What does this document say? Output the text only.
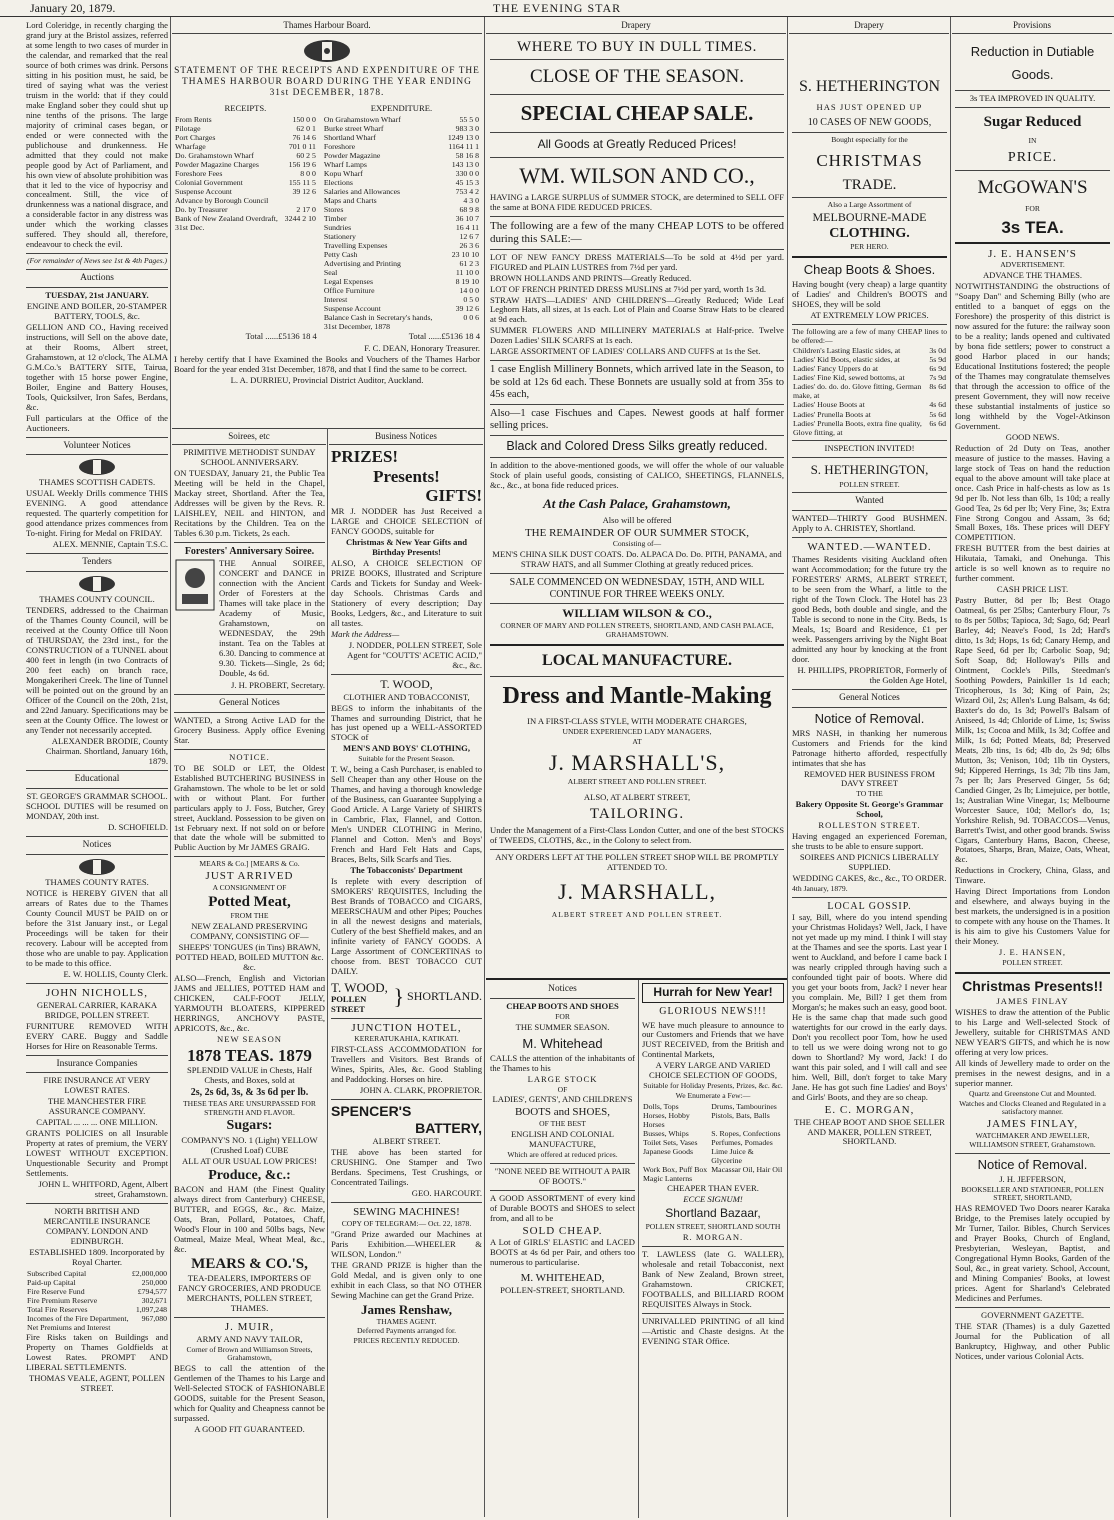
January 20, 1879.	THE EVENING STAR
Thames Harbour Board.	Drapery	Drapery	Provisions
Lord Coleridge, in recently charging the grand jury at the Bristol assizes, referred at some length to two cases of murder in the calendar, and remarked that the real source of both crimes was drink. Persons sitting in his position must, he said, be tired of saying what was the veriest truism in the world: that if they could make England sober they could shut up nine tenths of the prisons. The large majority of criminal cases began, or ended or were connected with the publichouse and drunkenness. He admitted that they could not make people good by Act of Parliament, and his own view of absolute prohibition was that it led to the vice of hypocrisy and concealment. Still, the vice of drunkenness was a national disgrace, and a considerable factor in any distress was under which the working classes suffered. They should all, therefore, endeavour to check the evil.
(For remainder of News see 1st & 4th Pages.)
Auctions
TUESDAY, 21st JANUARY.
ENGINE AND BOILER, 20-STAMPER BATTERY, TOOLS, &c.
GELLION AND CO., Having received instructions, will Sell on the above date, at their Rooms, Albert street, Grahamstown, at 12 o'clock, The ALMA G.M.Co.'s BATTERY SITE, Tairua, together with 15 horse power Engine, Boiler, Engine and Battery Houses, Tools, Quicksilver, Iron Safes, Berdans, &c.
Full particulars at the Office of the Auctioneers.
Volunteer Notices
THAMES SCOTTISH CADETS.
USUAL Weekly Drills commence THIS EVENING. A good attendance requested. The quarterly competition for good attendance prizes commences from To-night. Firing for Medal on FRIDAY.
ALEX. MENNIE, Captain T.S.C.
Tenders
THAMES COUNTY COUNCIL.
TENDERS, addressed to the Chairman of the Thames County Council, will be received at the County Office till Noon of THURSDAY, the 23rd inst., for the CONSTRUCTION of a TUNNEL about 400 feet in length (in two Contracts of 200 feet each) on branch race, Mongakeriheri Creek. The line of Tunnel will be pointed out on the ground by an Officer of the Council on the 20th, 21st, and 22nd January. Specifications may be seen at the County Office. The lowest or any Tender not necessarily accepted.
ALEXANDER BRODIE, County Chairman. Shortland, January 16th, 1879.
Educational
ST. GEORGE'S GRAMMAR SCHOOL.
SCHOOL DUTIES will be resumed on MONDAY, 20th inst.
D. SCHOFIELD.
Notices
THAMES COUNTY RATES.
NOTICE is HEREBY GIVEN that all arrears of Rates due to the Thames County Council MUST be PAID on or before the 31st January inst., or Legal Proceedings will be taken for their recovery. Labour will be accepted from those who are unable to pay. Application to be made to this office.
E. W. HOLLIS, County Clerk.
JOHN NICHOLLS,
GENERAL CARRIER, KARAKA BRIDGE, POLLEN STREET.
FURNITURE REMOVED WITH EVERY CARE. Buggy and Saddle Horses for Hire on Reasonable Terms.
Insurance Companies
FIRE INSURANCE AT VERY LOWEST RATES.
THE MANCHESTER FIRE ASSURANCE COMPANY.
CAPITAL ... ... ... ONE MILLION.
GRANTS POLICIES on all Insurable Property at rates of premium, the VERY LOWEST WITHOUT EXCEPTION. Unquestionable Security and Prompt Settlements.
JOHN L. WHITFORD, Agent, Albert street, Grahamstown.
NORTH BRITISH AND MERCANTILE INSURANCE COMPANY. LONDON AND EDINBURGH.
ESTABLISHED 1809. Incorporated by Royal Charter.
Subscribed Capital	£2,000,000
Paid-up Capital	250,000
Fire Reserve Fund	£794,577
Fire Premium Reserve	302,671
Total Fire Reserves	1,097,248
Incomes of the Fire Department, Net Premiums and Interest	967,080
Fire Risks taken on Buildings and Property on Thames Goldfields at Lowest Rates. PROMPT AND LIBERAL SETTLEMENTS.
THOMAS VEALE, AGENT, POLLEN STREET.
STATEMENT OF THE RECEIPTS AND EXPENDITURE OF THE THAMES HARBOUR BOARD DURING THE YEAR ENDING 31st DECEMBER, 1878.
RECEIPTS.
From Rents	150 0 0
Pilotage	62 0 1
Port Charges	76 14 6
Wharfage	701 0 11
Do. Grahamstown Wharf	60 2 5
Powder Magazine Charges	156 19 6
Foreshore Fees	8 0 0
Colonial Government	155 11 5
Suspense Account	39 12 6
Advance by Borough Council	
Do. by Treasurer	2 17 0
Bank of New Zealand Overdraft, 31st Dec.	3244 2 10
EXPENDITURE.
On Grahamstown Wharf	55 5 0
Burke street Wharf	983 3 0
Shortland Wharf	1249 13 0
Foreshore	1164 11 1
Powder Magazine	58 16 8
Wharf Lamps	143 13 0
Kopu Wharf	330 0 0
Elections	45 15 3
Salaries and Allowances	753 4 2
Maps and Charts	4 3 0
Stores	68 9 8
Timber	36 10 7
Sundries	16 4 11
Stationery	12 6 7
Travelling Expenses	26 3 6
Petty Cash	23 10 10
Advertising and Printing	61 2 3
Seal	11 10 0
Legal Expenses	8 19 10
Office Furniture	14 0 0
Interest	0 5 0
Suspense Account	39 12 6
Balance Cash in Secretary's hands, 31st December, 1878	0 0 6
Total ......£5136 18 4	Total ......£5136 18 4
F. C. DEAN, Honorary Treasurer.
I hereby certify that I have Examined the Books and Vouchers of the Thames Harbor Board for the year ended 31st December, 1878, and that I find the same to be correct.
L. A. DURRIEU, Provincial District Auditor, Auckland.
Soirees, etc	Business Notices
PRIMITIVE METHODIST SUNDAY SCHOOL ANNIVERSARY.
ON TUESDAY, January 21, the Public Tea Meeting will be held in the Chapel, Mackay street, Shortland. After the Tea, Addresses will be given by the Revs. R. LAISHLEY, NEIL and HINTON, and Recitations by the Children. Tea on the Tables 6.30 p.m. Tickets, 2s each.
Foresters' Anniversary Soiree.
THE Annual SOIREE, CONCERT and DANCE in connection with the Ancient Order of Foresters at the Thames will take place in the Academy of Music, Grahamstown, on WEDNESDAY, the 29th instant. Tea on the Tables at 6.30. Dancing to commence at 9.30. Tickets—Single, 2s 6d; Double, 4s 6d.
J. H. PROBERT, Secretary.
General Notices
WANTED, a Strong Active LAD for the Grocery Business. Apply office Evening Star.
NOTICE.
TO BE SOLD or LET, the Oldest Established BUTCHERING BUSINESS in Grahamstown. The whole to be let or sold with or without Plant. For further particulars apply to J. Foss, Butcher, Grey street, Auckland. Possession to be given on 1st February next. If not sold on or before that date the whole will be submitted to Public Auction by Mr JAMES GRAIG.
MEARS & Co.] [MEARS & Co.
JUST ARRIVED
A CONSIGNMENT OF
Potted Meat,
FROM THE
NEW ZEALAND PRESERVING COMPANY, CONSISTING OF—
SHEEPS' TONGUES (in Tins) BRAWN, POTTED HEAD, BOILED MUTTON &c. &c.
ALSO—French, English and Victorian JAMS and JELLIES, POTTED HAM and CHICKEN, CALF-FOOT JELLY, YARMOUTH BLOATERS, KIPPERED HERRINGS, ANCHOVY PASTE, APRICOTS, &c., &c.
NEW SEASON
1878 TEAS. 1879
SPLENDID VALUE in Chests, Half Chests, and Boxes, sold at
2s, 2s 6d, 3s, & 3s 6d per lb.
THESE TEAS ARE UNSURPASSED FOR STRENGTH AND FLAVOR.
Sugars:
COMPANY'S NO. 1 (Light) YELLOW (Crushed Loaf) CUBE
ALL AT OUR USUAL LOW PRICES!
Produce, &c.:
BACON and HAM (the Finest Quality always direct from Canterbury) CHEESE, BUTTER, and EGGS, &c., &c. Maize, Oats, Bran, Pollard, Potatoes, Chaff, Wood's Flour in 100 and 50lbs bags, New Oatmeal, Maize Meal, Wheat Meal, &c., &c.
MEARS & CO.'S,
TEA-DEALERS, IMPORTERS OF FANCY GROCERIES, AND PRODUCE MERCHANTS, POLLEN STREET, THAMES.
J. MUIR,
ARMY AND NAVY TAILOR,
Corner of Brown and Williamson Streets, Grahamstown,
BEGS to call the attention of the Gentlemen of the Thames to his Large and Well-Selected STOCK of FASHIONABLE GOODS, suitable for the Present Season, which for Quality and Cheapness cannot be surpassed.
A GOOD FIT GUARANTEED.
PRIZES!
Presents!
GIFTS!
MR J. NODDER has Just Received a LARGE and CHOICE SELECTION of FANCY GOODS, suitable for
Christmas & New Year Gifts and Birthday Presents!
ALSO, A CHOICE SELECTION OF PRIZE BOOKS, Illustrated and Scripture Cards and Tickets for Sunday and Week-day Schools. Christmas Cards and Stationery of every description; Day Books, Ledgers, &c., and Literature to suit all tastes.
Mark the Address—
J. NODDER, POLLEN STREET, Sole Agent for "COUTTS' ACETIC ACID," &c., &c.
T. WOOD,
CLOTHIER AND TOBACCONIST,
BEGS to inform the inhabitants of the Thames and surrounding District, that he has just opened up a WELL-ASSORTED STOCK of
MEN'S AND BOYS' CLOTHING,
Suitable for the Present Season.
T. W., being a Cash Purchaser, is enabled to Sell Cheaper than any other House on the Thames, and having a thorough knowledge of the Business, can Guarantee Supplying a Good Article. A Large Variety of SHIRTS in Cambric, Flax, Flannel, and Cotton. Men's UNDER CLOTHING in Merino, Flannel and Cotton. Men's and Boys' French and Hard Felt Hats and Caps, Braces, Belts, Silk Scarfs and Ties.
The Tobacconists' Department
Is replete with every description of SMOKERS' REQUISITES, Including the Best Brands of TOBACCO and CIGARS, MEERSCHAUM and other Pipes; Pouches in all the newest designs and materials, Cutlery of the best Sheffield makes, and an infinite variety of FANCY GOODS. A Large Assortment of CONCERTINAS to choose from. BEST TOBACCO CUT DAILY.
T. WOOD,
POLLEN STREET	} SHORTLAND.
JUNCTION HOTEL,
KERERATUKAHIA, KATIKATI.
FIRST-CLASS ACCOMMODATION for Travellers and Visitors. Best Brands of Wines, Spirits, Ales, &c. Good Stabling and Paddocking. Horses on hire.
JOHN A. CLARK, PROPRIETOR.
SPENCER'S
BATTERY,
ALBERT STREET.
THE above has been started for CRUSHING. One Stamper and Two Berdans. Specimens, Test Crushings, or Concentrated Tailings.
GEO. HARCOURT.
SEWING MACHINES!
COPY OF TELEGRAM:— Oct. 22, 1878.
"Grand Prize awarded our Machines at Paris Exhibition.—WHEELER & WILSON, London."
THE GRAND PRIZE is higher than the Gold Medal, and is given only to one exhibit in each Class, so that NO OTHER Sewing Machine can get the Grand Prize.
James Renshaw,
THAMES AGENT.
Deferred Payments arranged for.
PRICES RECENTLY REDUCED.
WHERE TO BUY IN DULL TIMES.
CLOSE OF THE SEASON.
SPECIAL CHEAP SALE.
All Goods at Greatly Reduced Prices!
WM. WILSON AND CO.,
HAVING a LARGE SURPLUS of SUMMER STOCK, are determined to SELL OFF the same at BONA FIDE REDUCED PRICES.
The following are a few of the many CHEAP LOTS to be offered during this SALE:—
LOT OF NEW FANCY DRESS MATERIALS—To be sold at 4½d per yard. FIGURED and PLAIN LUSTRES from 7½d per yard.
BROWN HOLLANDS AND PRINTS—Greatly Reduced.
LOT OF FRENCH PRINTED DRESS MUSLINS at 7½d per yard, worth 1s 3d.
STRAW HATS—LADIES' AND CHILDREN'S—Greatly Reduced; Wide Leaf Leghorn Hats, all sizes, at 1s each. Lot of Plain and Coarse Straw Hats to be cleared at 9d each.
SUMMER FLOWERS AND MILLINERY MATERIALS at Half-price. Twelve Dozen Ladies' SILK SCARFS at 1s each.
LARGE ASSORTMENT OF LADIES' COLLARS AND CUFFS at 1s the Set.
1 case English Millinery Bonnets, which arrived late in the Season, to be sold at 12s 6d each. These Bonnets are usually sold at from 35s to 45s each,
Also—1 case Fischues and Capes. Newest goods at half former selling prices.
Black and Colored Dress Silks greatly reduced.
In addition to the above-mentioned goods, we will offer the whole of our valuable Stock of plain useful goods, consisting of CALICO, SHEETINGS, FLANNELS, &c., &c., at bona fide reduced prices.
At the Cash Palace, Grahamstown,
Also will be offered
THE REMAINDER OF OUR SUMMER STOCK,
Consisting of—
MEN'S CHINA SILK DUST COATS. Do. ALPACA Do. Do. PITH, PANAMA, and STRAW HATS, and all Summer Clothing at greatly reduced prices.
SALE COMMENCED ON WEDNESDAY, 15TH, AND WILL CONTINUE FOR THREE WEEKS ONLY.
WILLIAM WILSON & CO.,
CORNER OF MARY AND POLLEN STREETS, SHORTLAND, AND CASH PALACE, GRAHAMSTOWN.
LOCAL MANUFACTURE.
Dress and Mantle-Making
IN A FIRST-CLASS STYLE, WITH MODERATE CHARGES,
UNDER EXPERIENCED LADY MANAGERS,
AT
J. MARSHALL'S,
ALBERT STREET AND POLLEN STREET.
ALSO, AT ALBERT STREET,
TAILORING.
Under the Management of a First-Class London Cutter, and one of the best STOCKS of TWEEDS, CLOTHS, &c., in the Colony to select from.
ANY ORDERS LEFT AT THE POLLEN STREET SHOP WILL BE PROMPTLY ATTENDED TO.
J. MARSHALL,
ALBERT STREET AND POLLEN STREET.
Notices
CHEAP BOOTS AND SHOES
FOR
THE SUMMER SEASON.
M. Whitehead
CALLS the attention of the inhabitants of the Thames to his
LARGE STOCK
OF
LADIES', GENTS', AND CHILDREN'S
BOOTS and SHOES,
OF THE BEST
ENGLISH AND COLONIAL MANUFACTURE,
Which are offered at reduced prices.
"NONE NEED BE WITHOUT A PAIR OF BOOTS."
A GOOD ASSORTMENT of every kind of Durable BOOTS and SHOES to select from, and all to be
SOLD CHEAP.
A Lot of GIRLS' ELASTIC and LACED BOOTS at 4s 6d per Pair, and others too numerous to particularise.
M. WHITEHEAD,
POLLEN-STREET, SHORTLAND.
Hurrah for New Year!
GLORIOUS NEWS!!!
WE have much pleasure to announce to our Customers and Friends that we have JUST RECEIVED, from the British and Continental Markets,
A VERY LARGE AND VARIED CHOICE SELECTION OF GOODS,
Suitable for Holiday Presents, Prizes, &c. &c.
We Enumerate a Few:—
Dolls, Tops	Drums, Tambourines
Horses, Hobby Horses	Pistols, Bats, Balls
Busses, Whips	S. Ropes, Confections
Toilet Sets, Vases	Perfumes, Pomades
Japanese Goods	Lime Juice & Glycerine
Work Box, Puff Box	Macassar Oil, Hair Oil
Magic Lanterns	
CHEAPER THAN EVER.
ECCE SIGNUM!
Shortland Bazaar,
POLLEN STREET, SHORTLAND SOUTH
R. MORGAN.
T. LAWLESS (late G. WALLER), wholesale and retail Tobacconist, next Bank of New Zealand, Brown street, Grahamstown. CRICKET, FOOTBALLS, and BILLIARD ROOM REQUISITES Always in Stock.
UNRIVALLED PRINTING of all kind—Artistic and Chaste designs. At the EVENING STAR Office.
S. HETHERINGTON
HAS JUST OPENED UP
10 CASES OF NEW GOODS,
Bought especially for the
CHRISTMAS
TRADE.
Also a Large Assortment of
MELBOURNE-MADE
CLOTHING.
PER HERO.
Cheap Boots & Shoes.
Having bought (very cheap) a large quantity of Ladies' and Children's BOOTS and SHOES, they will be sold
AT EXTREMELY LOW PRICES.
The following are a few of many CHEAP lines to be offered:—
Children's Lasting Elastic sides, at	3s 0d
Ladies' Kid Boots, elastic sides, at	5s 9d
Ladies' Fancy Uppers do at	6s 9d
Ladies' Fine Kid, sewed bottoms, at	7s 9d
Ladies' do. do. do. Glove fitting, German make, at	8s 6d
Ladies' House Boots at	4s 6d
Ladies' Prunella Boots at	5s 6d
Ladies' Prunella Boots, extra fine quality, Glove fitting, at	6s 6d
INSPECTION INVITED!
S. HETHERINGTON,
POLLEN STREET.
Wanted
WANTED—THIRTY Good BUSHMEN. Apply to A. CHRISTEY, Shortland.
WANTED.—WANTED.
Thames Residents visiting Auckland often want Accommodation; for the future try the FORESTERS' ARMS, ALBERT STREET, to be seen from the Wharf, a little to the right of the Town Clock. The Hotel has 23 good Beds, both double and single, and the Table is second to none in the City. Beds, 1s Meals, 1s; Board and Residence, £1 per week. Passengers arriving by the Night Boat admitted any hour by knocking at the front door.
H. PHILLIPS, PROPRIETOR, Formerly of the Golden Age Hotel,
General Notices
Notice of Removal.
MRS NASH, in thanking her numerous Customers and Friends for the kind Patronage hitherto afforded, respectfully intimates that she has
REMOVED HER BUSINESS FROM DAVY STREET
TO THE
Bakery Opposite St. George's Grammar School,
ROLLESTON STREET.
Having engaged an experienced Foreman, she trusts to be able to ensure support.
SOIREES AND PICNICS LIBERALLY SUPPLIED.
WEDDING CAKES, &c., &c., TO ORDER.
4th January, 1879.
LOCAL GOSSIP.
I say, Bill, where do you intend spending your Christmas Holidays? Well, Jack, I have not yet made up my mind. I think I will stay at the Thames and see the sports. Last year I went to Auckland, and before I came back I was nearly crippled through having such a confounded tight pair of boots. Where did you get your boots from, Jack? I never hear you complain. Me, Bill? I get them from Morgan's; he makes such an easy, good boot. He is the same chap that made such good watertights for our crowd in the early days. Don't you recollect poor Tom, how he used to tell us we were doing wrong not to go down to Shortland? My word, Jack! I do want this pair soled, and I will call and see him. Well, Bill, don't forget to take Mary Jane. He has got such fine Ladies' and Boys' and Girls' Boots, and they are so cheap.
E. C. MORGAN,
THE CHEAP BOOT AND SHOE SELLER AND MAKER, POLLEN STREET, SHORTLAND.
Reduction in Dutiable Goods.
3s TEA IMPROVED IN QUALITY.
Sugar Reduced
IN
PRICE.
McGOWAN'S
FOR
3s TEA.
J. E. HANSEN'S
ADVERTISEMENT.
ADVANCE THE THAMES.
NOTWITHSTANDING the obstructions of "Soapy Dan" and Scheming Billy (who are entitled to a banquet of eggs on the Foreshore) the prosperity of this district is now assured for the future: the railway soon to be a reality; lands opened and cultivated by bona fide settlers; power to construct a good Harbor placed in our hands; Educational Institutions fostered; the people of the Thames may congratulate themselves that through the accession to office of the present Government, they will now receive these substantial instalments of justice so long withheld by the Vogel-Atkinson Government.
GOOD NEWS.
Reduction of 2d Duty on Teas, another measure of justice to the masses. Having a large stock of Teas on hand the reduction equal to the above amount will take place at once. Cash Price in half-chests as low as 1s 9d per lb. Not less than 6lb, 1s 10d; a really Good Tea, 2s 6d per lb; Very Fine, 3s; Extra Fine Strong Congou and Assam, 3s 6d; Small Boxes, 18s. These prices will DEFY COMPETITION.
FRESH BUTTER from the best dairies at Hikutaia, Tamaki, and Onehunga. This article is so well known as to require no further comment.
CASH PRICE LIST.
Pastry Butter, 8d per lb; Best Otago Oatmeal, 6s per 25lbs; Canterbury Flour, 7s to 8s per 50lbs; Tapioca, 3d; Sago, 6d; Pearl Barley, 4d; Neave's Food, 1s 2d; Hard's ditto, 1s 3d; Hops, 1s 6d; Canary Hemp, and Rape Seed, 6d per lb; Carbolic Soap, 9d; Soft Soap, 8d; Holloway's Pills and Ointment, Cockle's Pills, Steedman's Soothing Powders, Painkiller 1s 1d each; Tricopherous, 1s 3d; King of Pain, 2s; Wizard Oil, 2s; Allen's Lung Balsam, 4s 6d; Baxter's do do, 1s 3d; Powell's Balsam of Aniseed, 1s 4d; Chloride of Lime, 1s; Swiss Milk, 1s; Cocoa and Milk, 1s 3d; Coffee and Milk, 1s 6d; Potted Meats, 8d; Preserved Meats, 2lb tins, 1s 6d; 4lb do, 2s 9d; 6lbs Mutton, 3s; Venison, 10d; 1lb tin Oysters, 9d; Kippered Herrings, 1s 3d; 7lb tins Jam, 7s per lb; Jars Preserved Ginger, 5s 6d; Candied Ginger, 2s lb; Limejuice, per bottle, 1s; Australian Wine Vinegar, 1s; Melbourne Worcester Sauce, 10d; Mellor's do, 1s; Yorkshire Relish, 9d. TOBACCOS—Venus, Barrett's Twist, and other good brands. Swiss Cigars, Canterbury Hams, Bacon, Cheese, Potatoes, Sharps, Bran, Maize, Oats, Wheat, &c.
Reductions in Crockery, China, Glass, and Tinware.
Having Direct Importations from London and elsewhere, and always buying in the best markets, the undersigned is in a position to compete with any house on the Thames. It is his aim to give his Customers Value for their Money.
J. E. HANSEN,
POLLEN STREET.
Christmas Presents!!
JAMES FINLAY
WISHES to draw the attention of the Public to his Large and Well-selected Stock of Jewellery, suitable for CHRISTMAS AND NEW YEAR'S GIFTS, and which he is now offering at very low prices.
All kinds of Jewellery made to order on the premises in the newest designs, and in a superior manner.
Quartz and Greenstone Cut and Mounted.
Watches and Clocks Cleaned and Regulated in a satisfactory manner.
JAMES FINLAY,
WATCHMAKER AND JEWELLER, WILLIAMSON STREET, Grahamstown.
Notice of Removal.
J. H. JEFFERSON,
BOOKSELLER AND STATIONER, POLLEN STREET, SHORTLAND,
HAS REMOVED Two Doors nearer Karaka Bridge, to the Premises lately occupied by Mr Turner, Tailor. Bibles, Church Services and Prayer Books, Church of England, Presbyterian, Wesleyan, Baptist, and Congregational Hymn Books, Garden of the Soul, &c., in great variety. School, Account, and Mining Companies' Books, at lowest prices. Agent for Sharland's Celebrated Medicines and Perfumes.
GOVERNMENT GAZETTE.
THE STAR (Thames) is a duly Gazetted Journal for the Publication of all Bankruptcy, Highway, and other Public Notices, under various Colonial Acts.
